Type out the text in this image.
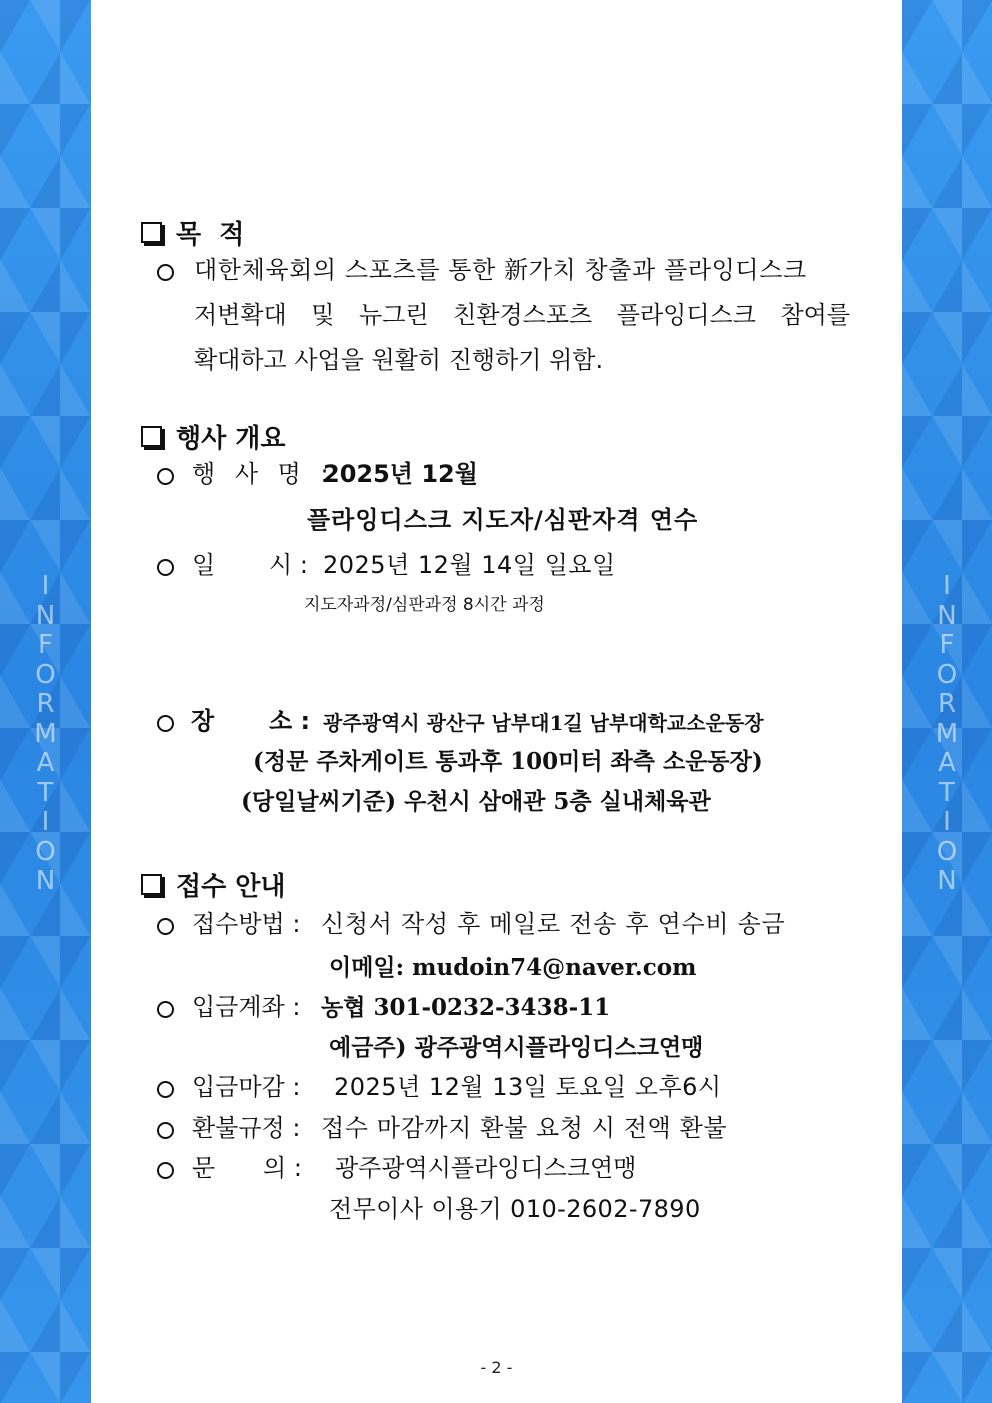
I
N
F
O
R
M
A
T
I
O
N
I
N
F
O
R
M
A
T
I
O
N
목  적
대한체육회의 스포츠를 통한 新가치 창출과 플라잉디스크
저변확대 및 뉴그린 친환경스포츠 플라잉디스크 참여를
확대하고 사업을 원활히 진행하기 위함.
행사 개요
행 사 명 :
2025년 12월
플라잉디스크 지도자/심판자격 연수
일 시 : 2025년 12월 14일 일요일
지도자과정/심판과정 8시간 과정
장 소 : 광주광역시 광산구 남부대1길 남부대학교소운동장
(정문 주차게이트 통과후 100미터 좌측 소운동장)
(당일날씨기준) 우천시 삼애관 5층 실내체육관
접수 안내
접수방법 : 신청서 작성 후 메일로 전송 후 연수비 송금
이메일: mudoin74@naver.com
입금계좌 : 농협 301-0232-3438-11
예금주) 광주광역시플라잉디스크연맹
입금마감 : 2025년 12월 13일 토요일 오후6시
환불규정 : 접수 마감까지 환불 요청 시 전액 환불
문 의 : 광주광역시플라잉디스크연맹
전무이사 이용기 010-2602-7890
- 2 -
